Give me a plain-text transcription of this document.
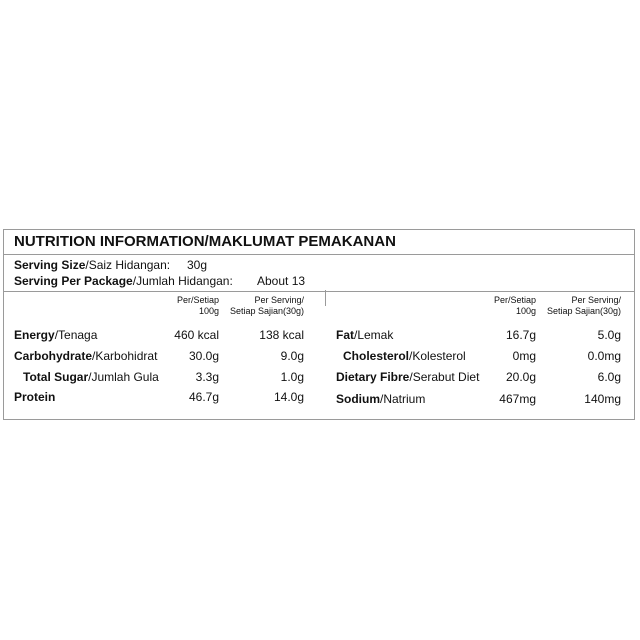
NUTRITION INFORMATION/MAKLUMAT PEMAKANAN
Serving Size/Saiz Hidangan: 30g
Serving Per Package/Jumlah Hidangan: About 13
Per/Setiap
100g
Per Serving/
Setiap Sajian(30g)
Per/Setiap
100g
Per Serving/
Setiap Sajian(30g)
Energy/Tenaga	460 kcal	138 kcal
Carbohydrate/Karbohidrat	30.0g	9.0g
Total Sugar/Jumlah Gula	3.3g	1.0g
Protein	46.7g	14.0g
Fat/Lemak	16.7g	5.0g
Cholesterol/Kolesterol	0mg	0.0mg
Dietary Fibre/Serabut Diet 20.0g	6.0g
Sodium/Natrium	467mg	140mg
